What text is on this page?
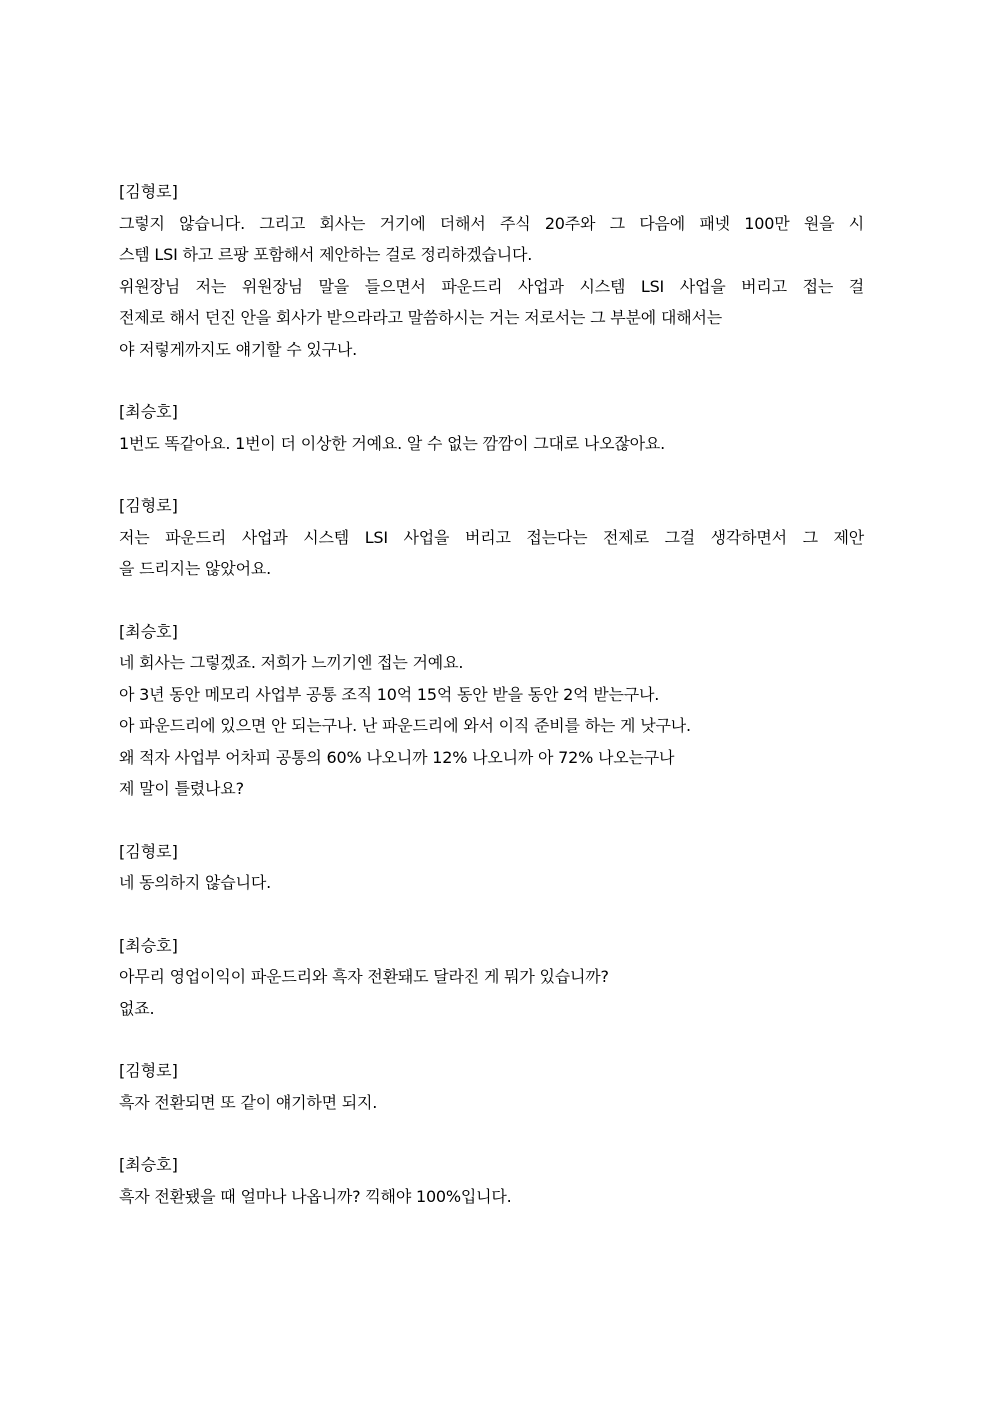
[김형로]
그렇지 않습니다. 그리고 회사는 거기에 더해서 주식 20주와 그 다음에 패넷 100만 원을 시
스템 LSI 하고 르팡 포함해서 제안하는 걸로 정리하겠습니다.
위원장님 저는 위원장님 말을 들으면서 파운드리 사업과 시스템 LSI 사업을 버리고 접는 걸
전제로 해서 던진 안을 회사가 받으라라고 말씀하시는 거는 저로서는 그 부분에 대해서는
야 저렇게까지도 얘기할 수 있구나.
[최승호]
1번도 똑같아요. 1번이 더 이상한 거예요. 알 수 없는 깜깜이 그대로 나오잖아요.
[김형로]
저는 파운드리 사업과 시스템 LSI 사업을 버리고 접는다는 전제로 그걸 생각하면서 그 제안
을 드리지는 않았어요.
[최승호]
네 회사는 그렇겠죠. 저희가 느끼기엔 접는 거예요.
아 3년 동안 메모리 사업부 공통 조직 10억 15억 동안 받을 동안 2억 받는구나.
아 파운드리에 있으면 안 되는구나. 난 파운드리에 와서 이직 준비를 하는 게 낫구나.
왜 적자 사업부 어차피 공통의 60% 나오니까 12% 나오니까 아 72% 나오는구나
제 말이 틀렸나요?
[김형로]
네 동의하지 않습니다.
[최승호]
아무리 영업이익이 파운드리와 흑자 전환돼도 달라진 게 뭐가 있습니까?
없죠.
[김형로]
흑자 전환되면 또 같이 얘기하면 되지.
[최승호]
흑자 전환됐을 때 얼마나 나옵니까? 끽해야 100%입니다.
